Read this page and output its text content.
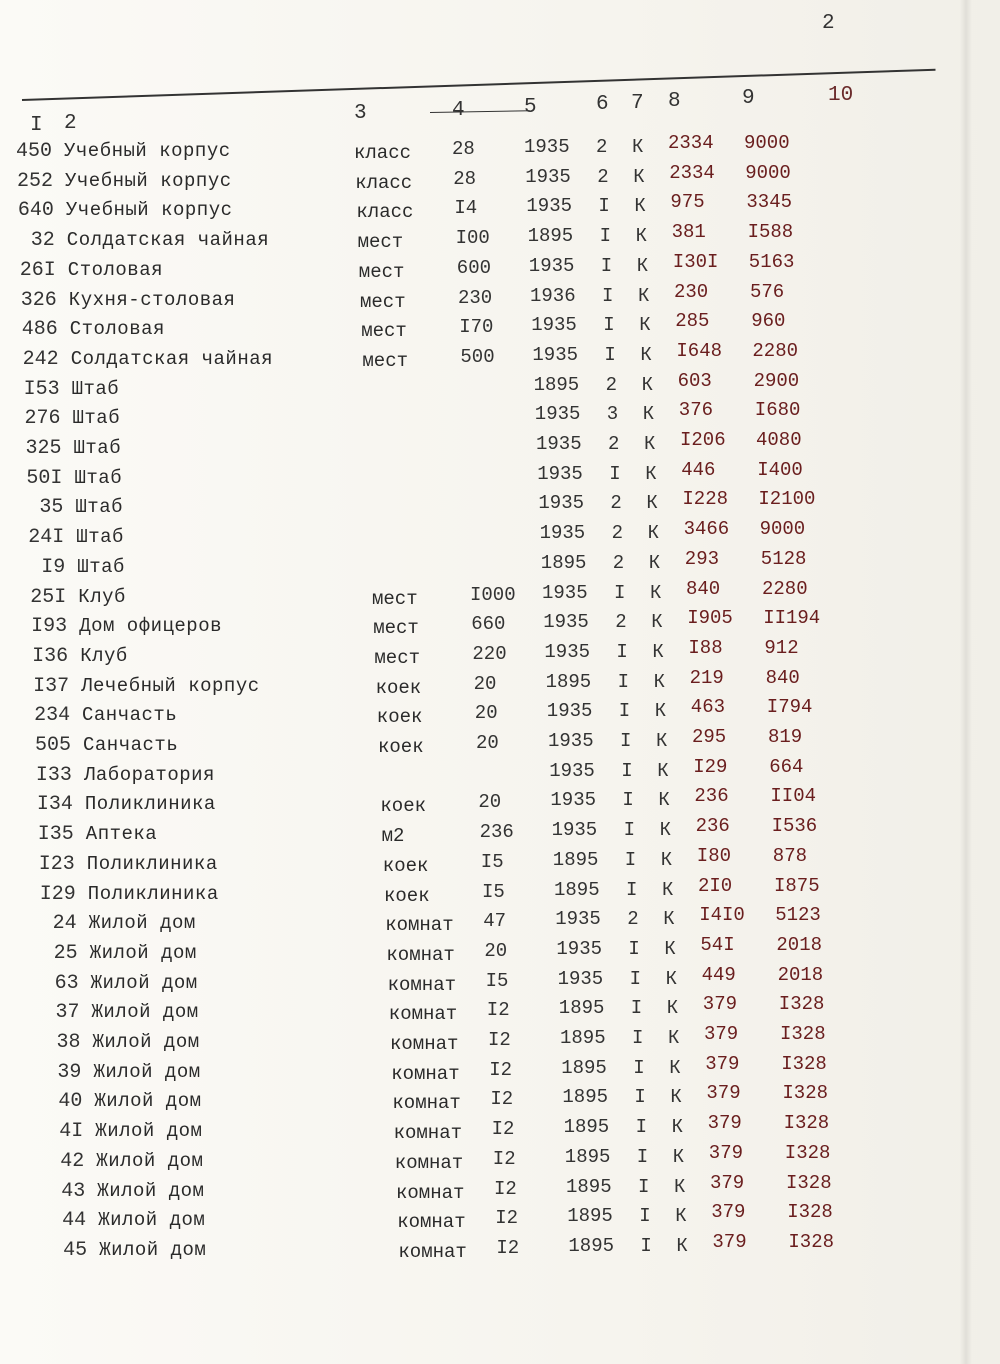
2
I 2	3	4	5	6 7 8	9	10
450 Учебный корпус	класс 28	1935 2 К 2334 9000
252 Учебный корпус	класс 28	1935 2 К 2334 9000
640 Учебный корпус	класс I4	1935 I К 975 3345
32 Солдатская чайная	мест	I00 1895 I К 381 I588
26I Столовая	мест	600 1935 I К I30I 5163
326 Кухня-столовая	мест	230 1936 I К 230 576
486 Столовая	мест	I70 1935 I К 285 960
242 Солдатская чайная	мест	500 1935 I К I648 2280
I53 Штаб	1895 2 К 603 2900
276 Штаб	1935 3 К 376 I680
325 Штаб	1935 2 К I206 4080
50I Штаб	1935 I К 446 I400
35 Штаб	1935 2 К I228 I2100
24I Штаб	1935 2 К 3466 9000
I9 Штаб	1895 2 К 293 5128
25I Клуб	мест	I000 1935 I К 840 2280
I93 Дом офицеров	мест	660 1935 2 К I905 II194
I36 Клуб	мест	220 1935 I К I88 912
I37 Лечебный корпус	коек	20	1895 I К 219 840
234 Санчасть	коек	20	1935 I К 463 I794
505 Санчасть	коек	20	1935 I К 295 819
I33 Лаборатория	1935 I К I29 664
I34 Поликлиника	коек	20	1935 I К 236 II04
I35 Аптека	м2	236 1935 I К 236 I536
I23 Поликлиника	коек	I5	1895 I К I80 878
I29 Поликлиника	коек	I5	1895 I К 2I0 I875
24 Жилой дом	комнат 47	1935 2 К I4I0 5123
25 Жилой дом	комнат 20	1935 I К 54I 2018
63 Жилой дом	комнат I5	1935 I К 449 2018
37 Жилой дом	комнат I2	1895 I К 379 I328
38 Жилой дом	комнат I2	1895 I К 379 I328
39 Жилой дом	комнат I2	1895 I К 379 I328
40 Жилой дом	комнат I2	1895 I К 379 I328
4I Жилой дом	комнат I2	1895 I К 379 I328
42 Жилой дом	комнат I2	1895 I К 379 I328
43 Жилой дом	комнат I2	1895 I К 379 I328
44 Жилой дом	комнат I2	1895 I К 379 I328
45 Жилой дом	комнат I2	1895 I К 379 I328
